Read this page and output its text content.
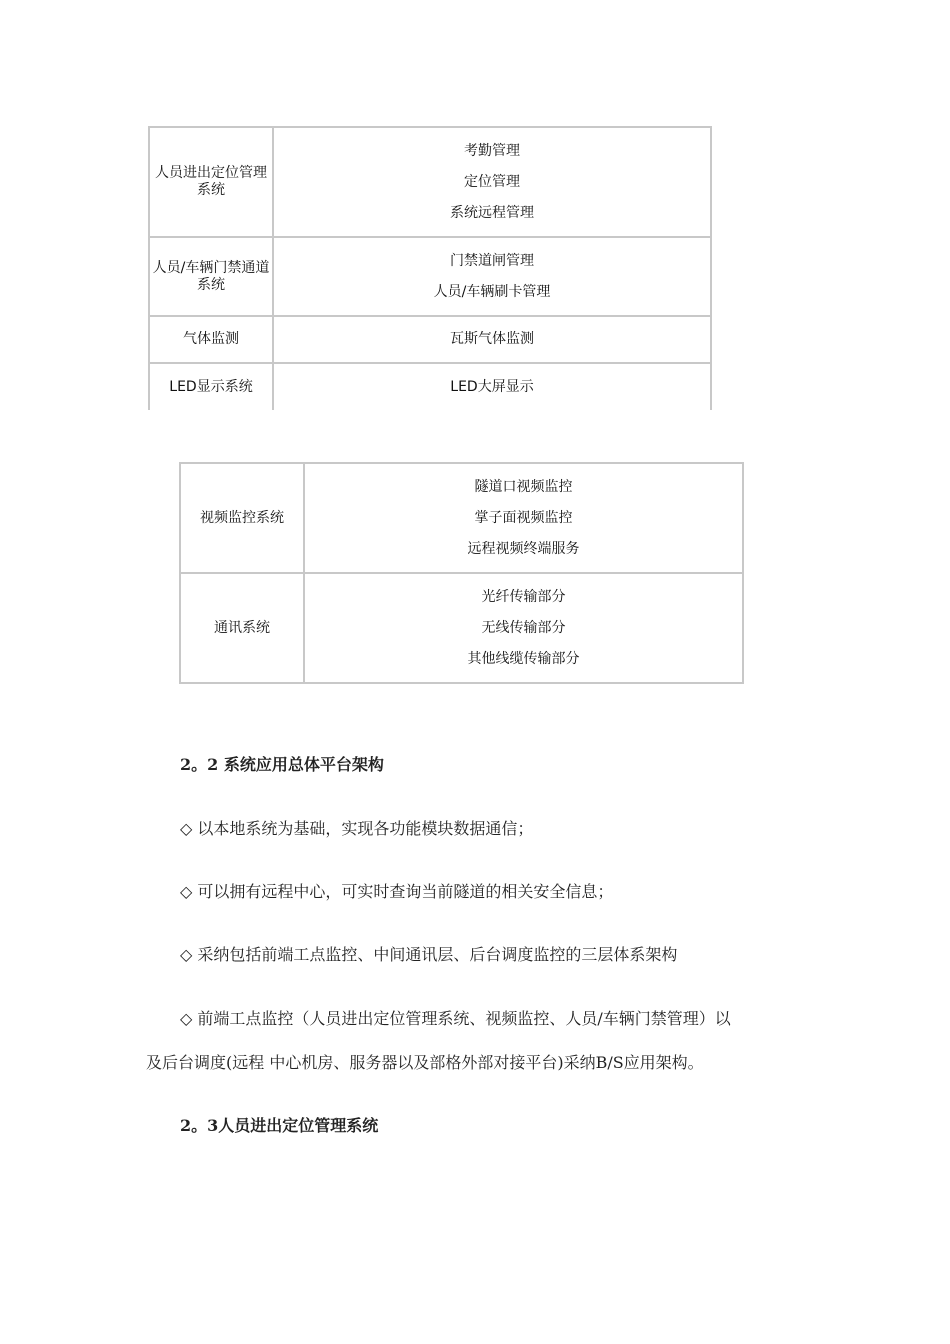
人员进出定位管理系统	考勤管理
定位管理
系统远程管理

人员/车辆门禁通道系统	门禁道闸管理
人员/车辆刷卡管理

气体监测	瓦斯气体监测

LED显示系统	LED大屏显示
视频监控系统	隧道口视频监控
掌子面视频监控
远程视频终端服务

通讯系统	光纤传输部分
无线传输部分
其他线缆传输部分
2。2 系统应用总体平台架构
◇ 以本地系统为基础，实现各功能模块数据通信；
◇ 可以拥有远程中心，可实时查询当前隧道的相关安全信息；
◇ 采纳包括前端工点监控、中间通讯层、后台调度监控的三层体系架构
◇ 前端工点监控（人员进出定位管理系统、视频监控、人员/车辆门禁管理）以
及后台调度(远程 中心机房、服务器以及部格外部对接平台)采纳B/S应用架构。
2。3人员进出定位管理系统
